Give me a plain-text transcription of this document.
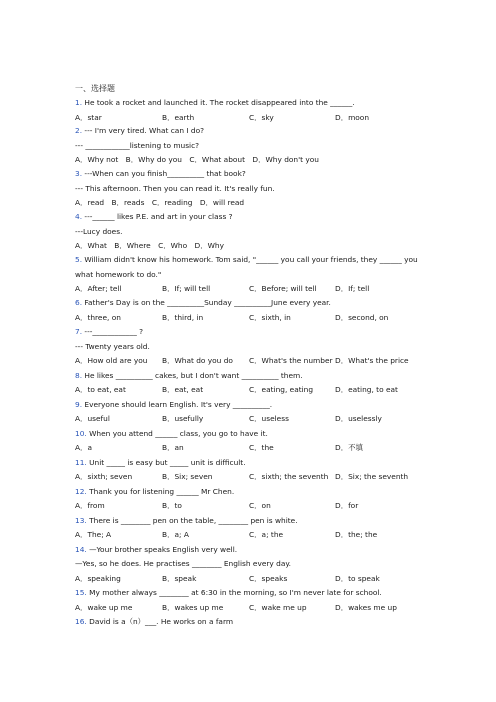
一、选择题
1. He took a rocket and launched it. The rocket disappeared into the ______.
A．star	B．earth	C．sky	D．moon
2. --- I'm very tired. What can I do?
--- ____________listening to music?
A．Why not　B．Why do you　C．What about　D．Why don't you
3. ---When can you finish__________ that book?
--- This afternoon. Then you can read it. It's really fun.
A．read　B．reads　C．reading　D．will read
4. ---______ likes P.E. and art in your class ?
---Lucy does.
A．What　B．Where　C．Who　D．Why
5. William didn't know his homework. Tom said, "______ you call your friends, they ______ you
what homework to do."
A．After; tell	B．If; will tell	C．Before; will tell D．If; tell
6. Father's Day is on the __________Sunday __________June every year.
A．three, on	B．third, in	C．sixth, in	D．second, on
7. ---____________ ?
--- Twenty years old.
A．How old are you B．What do you do C．What's the number D．What's the price
8. He likes __________ cakes, but I don't want __________ them.
A．to eat, eat	B．eat, eat	C．eating, eating	D．eating, to eat
9. Everyone should learn English. It's very __________.
A．useful	B．usefully	C．useless	D．uselessly
10. When you attend ______ class, you go to have it.
A．a	B．an	C．the	D．不填
11. Unit _____ is easy but _____ unit is difficult.
A．sixth; seven	B．Six; seven	C．sixth; the seventh D．Six; the seventh
12. Thank you for listening ______ Mr Chen.
A．from	B．to	C．on	D．for
13. There is ________ pen on the table, ________ pen is white.
A．The; A	B．a; A	C．a; the	D．the; the
14. —Your brother speaks English very well.
—Yes, so he does. He practises ________ English every day.
A．speaking	B．speak	C．speaks	D．to speak
15. My mother always ________ at 6:30 in the morning, so I'm never late for school.
A．wake up me	B．wakes up me	C．wake me up	D．wakes me up
16. David is a（n）___. He works on a farm
